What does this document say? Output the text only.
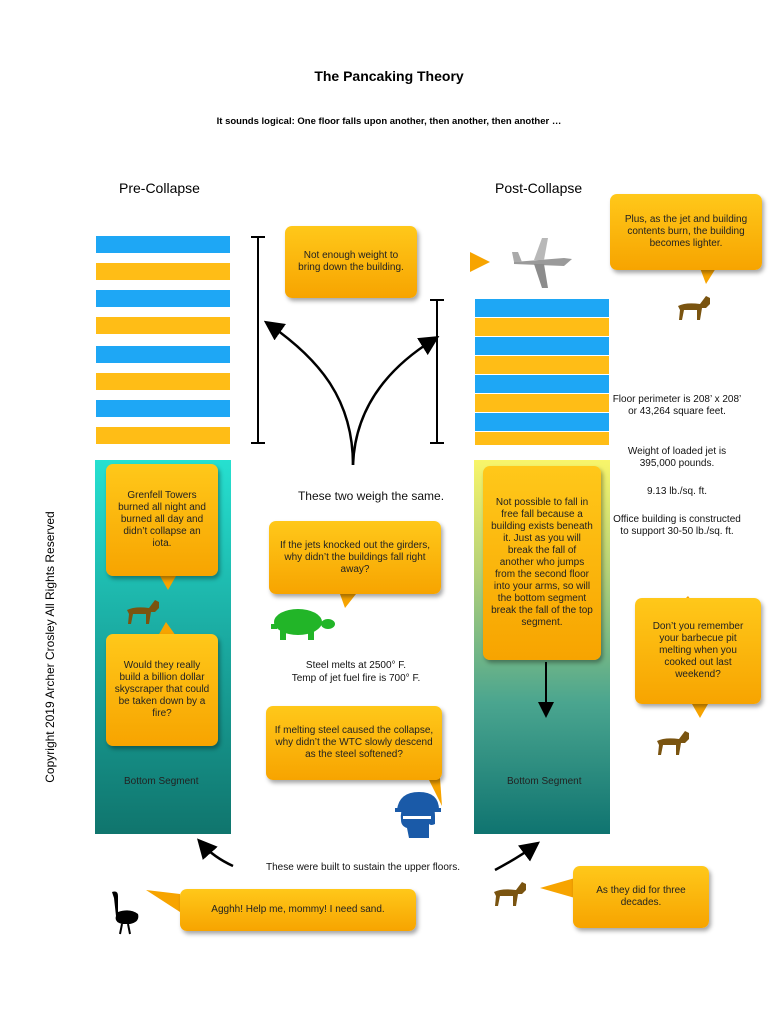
The Pancaking Theory
It sounds logical: One floor falls upon another, then another, then another …
Pre-Collapse	Post-Collapse
Bottom Segment	Bottom Segment
Not enough weight to bring down the building.
Plus, as the jet and building contents burn, the building becomes lighter.
Grenfell Towers burned all night and burned all day and didn’t collapse an iota.
Would they really build a billion dollar skyscraper that could be taken down by a fire?
If the jets knocked out the girders, why didn’t the buildings fall right away?
If melting steel caused the collapse, why didn’t the WTC slowly descend as the steel softened?
Not possible to fall in free fall because a building exists beneath it. Just as you will break the fall of another who jumps from the second floor into your arms, so will the bottom segment break the fall of the top segment.	Don’t you remember your barbecue pit melting when you cooked out last weekend?
As they did for three decades.
Agghh! Help me, mommy! I need sand.
These two weigh the same.
Steel melts at 2500° F.
Temp of jet fuel fire is 700° F.
These were built to sustain the upper floors.
Floor perimeter is 208’ x 208’ or 43,264 square feet.
Weight of loaded jet is 395,000 pounds.
9.13 lb./sq. ft.
Office building is constructed to support 30-50 lb./sq. ft.
Copyright 2019 Archer Crosley All Rights Reserved
